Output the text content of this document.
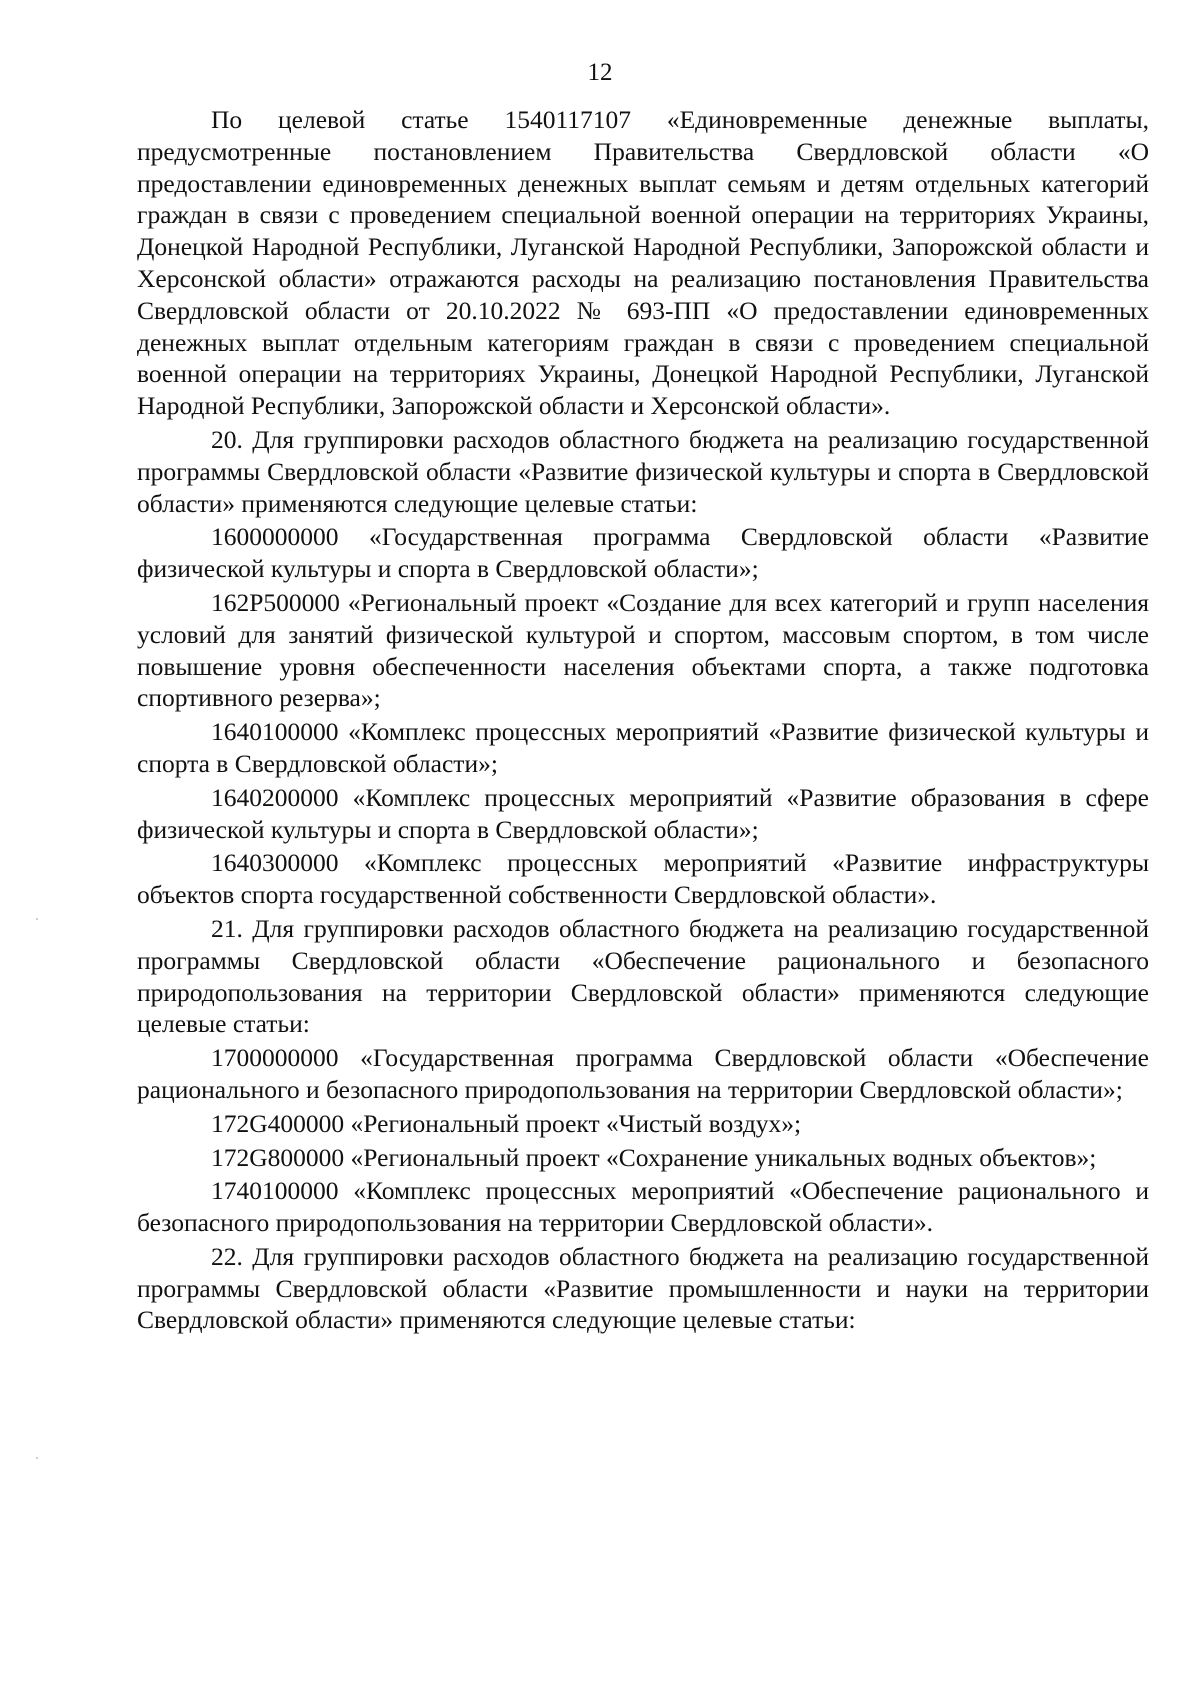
12

По целевой статье 1540117107 «Единовременные денежные выплаты, предусмотренные постановлением Правительства Свердловской области «О предоставлении единовременных денежных выплат семьям и детям отдельных категорий граждан в связи с проведением специальной военной операции на территориях Украины, Донецкой Народной Республики, Луганской Народной Республики, Запорожской области и Херсонской области» отражаются расходы на реализацию постановления Правительства Свердловской области от 20.10.2022 № 693-ПП «О предоставлении единовременных денежных выплат отдельным категориям граждан в связи с проведением специальной военной операции на территориях Украины, Донецкой Народной Республики, Луганской Народной Республики, Запорожской области и Херсонской области».

20. Для группировки расходов областного бюджета на реализацию государственной программы Свердловской области «Развитие физической культуры и спорта в Свердловской области» применяются следующие целевые статьи:

1600000000 «Государственная программа Свердловской области «Развитие физической культуры и спорта в Свердловской области»;

162P500000 «Региональный проект «Создание для всех категорий и групп населения условий для занятий физической культурой и спортом, массовым спортом, в том числе повышение уровня обеспеченности населения объектами спорта, а также подготовка спортивного резерва»;

1640100000 «Комплекс процессных мероприятий «Развитие физической культуры и спорта в Свердловской области»;

1640200000 «Комплекс процессных мероприятий «Развитие образования в сфере физической культуры и спорта в Свердловской области»;

1640300000 «Комплекс процессных мероприятий «Развитие инфраструктуры объектов спорта государственной собственности Свердловской области».

21. Для группировки расходов областного бюджета на реализацию государственной программы Свердловской области «Обеспечение рационального и безопасного природопользования на территории Свердловской области» применяются следующие целевые статьи:

1700000000 «Государственная программа Свердловской области «Обеспечение рационального и безопасного природопользования на территории Свердловской области»;

172G400000 «Региональный проект «Чистый воздух»;

172G800000 «Региональный проект «Сохранение уникальных водных объектов»;

1740100000 «Комплекс процессных мероприятий «Обеспечение рационального и безопасного природопользования на территории Свердловской области».

22. Для группировки расходов областного бюджета на реализацию государственной программы Свердловской области «Развитие промышленности и науки на территории Свердловской области» применяются следующие целевые статьи:
